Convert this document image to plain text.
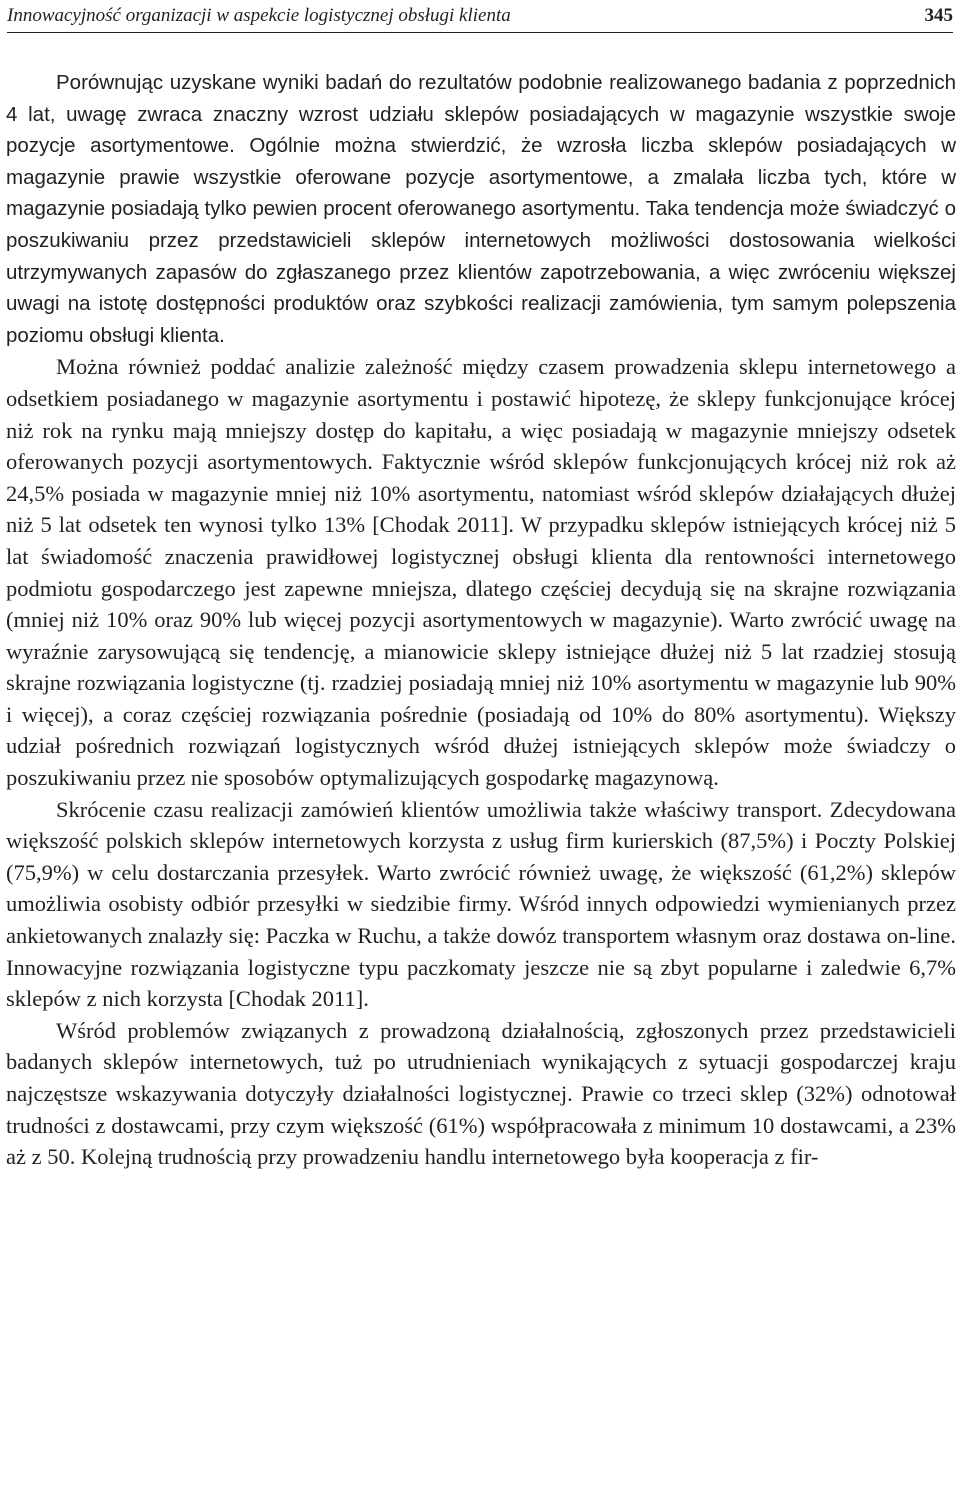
Innowacyjność organizacji w aspekcie logistycznej obsługi klienta	345

Porównując uzyskane wyniki badań do rezultatów podobnie realizowanego badania z poprzednich 4 lat, uwagę zwraca znaczny wzrost udziału sklepów posiadających w magazynie wszystkie swoje pozycje asortymentowe. Ogólnie można stwierdzić, że wzrosła liczba sklepów posiadających w magazynie prawie wszystkie oferowane pozycje asortymentowe, a zmalała liczba tych, które w magazynie posiadają tylko pewien procent oferowanego asortymentu. Taka tendencja może świadczyć o poszukiwaniu przez przedstawicieli sklepów internetowych możliwości dostosowania wielkości utrzymywanych zapasów do zgłaszanego przez klientów zapotrzebowania, a więc zwróceniu większej uwagi na istotę dostępności produktów oraz szybkości realizacji zamówienia, tym samym polepszenia poziomu obsługi klienta.

Można również poddać analizie zależność między czasem prowadzenia sklepu internetowego a odsetkiem posiadanego w magazynie asortymentu i postawić hipotezę, że sklepy funkcjonujące krócej niż rok na rynku mają mniejszy dostęp do kapitału, a więc posiadają w magazynie mniejszy odsetek oferowanych pozycji asortymentowych. Faktycznie wśród sklepów funkcjonujących krócej niż rok aż 24,5% posiada w magazynie mniej niż 10% asortymentu, natomiast wśród sklepów działających dłużej niż 5 lat odsetek ten wynosi tylko 13% [Chodak 2011]. W przypadku sklepów istniejących krócej niż 5 lat świadomość znaczenia prawidłowej logistycznej obsługi klienta dla rentowności internetowego podmiotu gospodarczego jest zapewne mniejsza, dlatego częściej decydują się na skrajne rozwiązania (mniej niż 10% oraz 90% lub więcej pozycji asortymentowych w magazynie). Warto zwrócić uwagę na wyraźnie zarysowującą się tendencję, a mianowicie sklepy istniejące dłużej niż 5 lat rzadziej stosują skrajne rozwiązania logistyczne (tj. rzadziej posiadają mniej niż 10% asortymentu w magazynie lub 90% i więcej), a coraz częściej rozwiązania pośrednie (posiadają od 10% do 80% asortymentu). Większy udział pośrednich rozwiązań logistycznych wśród dłużej istniejących sklepów może świadczy o poszukiwaniu przez nie sposobów optymalizujących gospodarkę magazynową.

Skrócenie czasu realizacji zamówień klientów umożliwia także właściwy transport. Zdecydowana większość polskich sklepów internetowych korzysta z usług firm kurierskich (87,5%) i Poczty Polskiej (75,9%) w celu dostarczania przesyłek. Warto zwrócić również uwagę, że większość (61,2%) sklepów umożliwia osobisty odbiór przesyłki w siedzibie firmy. Wśród innych odpowiedzi wymienianych przez ankietowanych znalazły się: Paczka w Ruchu, a także dowóz transportem własnym oraz dostawa on-line. Innowacyjne rozwiązania logistyczne typu paczkomaty jeszcze nie są zbyt popularne i zaledwie 6,7% sklepów z nich korzysta [Chodak 2011].

Wśród problemów związanych z prowadzoną działalnością, zgłoszonych przez przedstawicieli badanych sklepów internetowych, tuż po utrudnieniach wynikających z sytuacji gospodarczej kraju najczęstsze wskazywania dotyczyły działalności logistycznej. Prawie co trzeci sklep (32%) odnotował trudności z dostawcami, przy czym większość (61%) współpracowała z minimum 10 dostawcami, a 23% aż z 50. Kolejną trudnością przy prowadzeniu handlu internetowego była kooperacja z fir-
